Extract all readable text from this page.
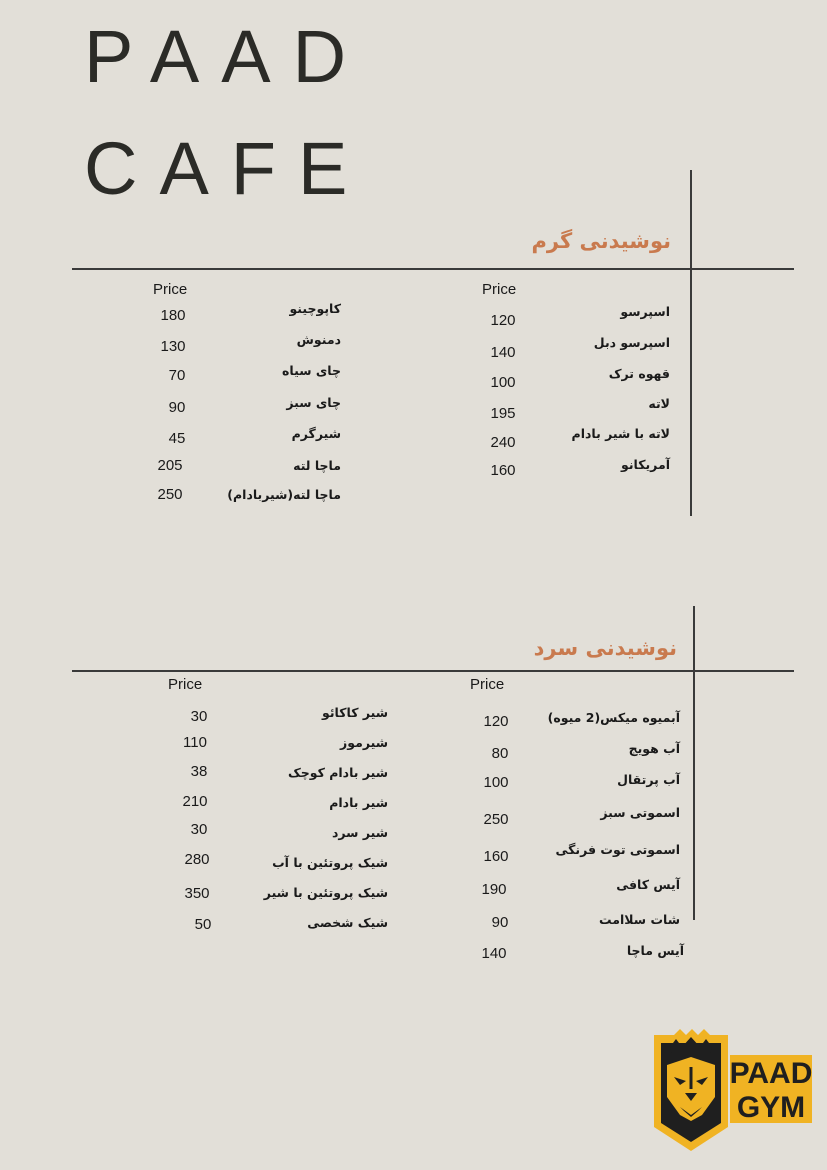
PAAD
CAFE
نوشیدنی گرم
Price
Price
اسپرسو
120
اسپرسو دبل
140
قهوه ترک
100
لاته
195
لاته با شیر بادام
240
آمریکانو
160
کاپوچینو
180
دمنوش
130
چای سیاه
70
چای سبز
90
شیرگرم
45
ماچا لته
205
ماچا لته(شیربادام)
250
نوشیدنی سرد
Price
Price
آبمیوه میکس(2 میوه)
120
آب هویج
80
آب پرتقال
100
اسموتی سبز
250
اسموتی توت فرنگی
160
آیس کافی
190
شات سلاامت
90
آیس ماچا
140
شیر کاکائو
30
شیرموز
110
شیر بادام کوچک
38
شیر بادام
210
شیر سرد
30
شیک پروتئین با آب
280
شیک پروتئین با شیر
350
شیک شخصی
50
PAAD
GYM
